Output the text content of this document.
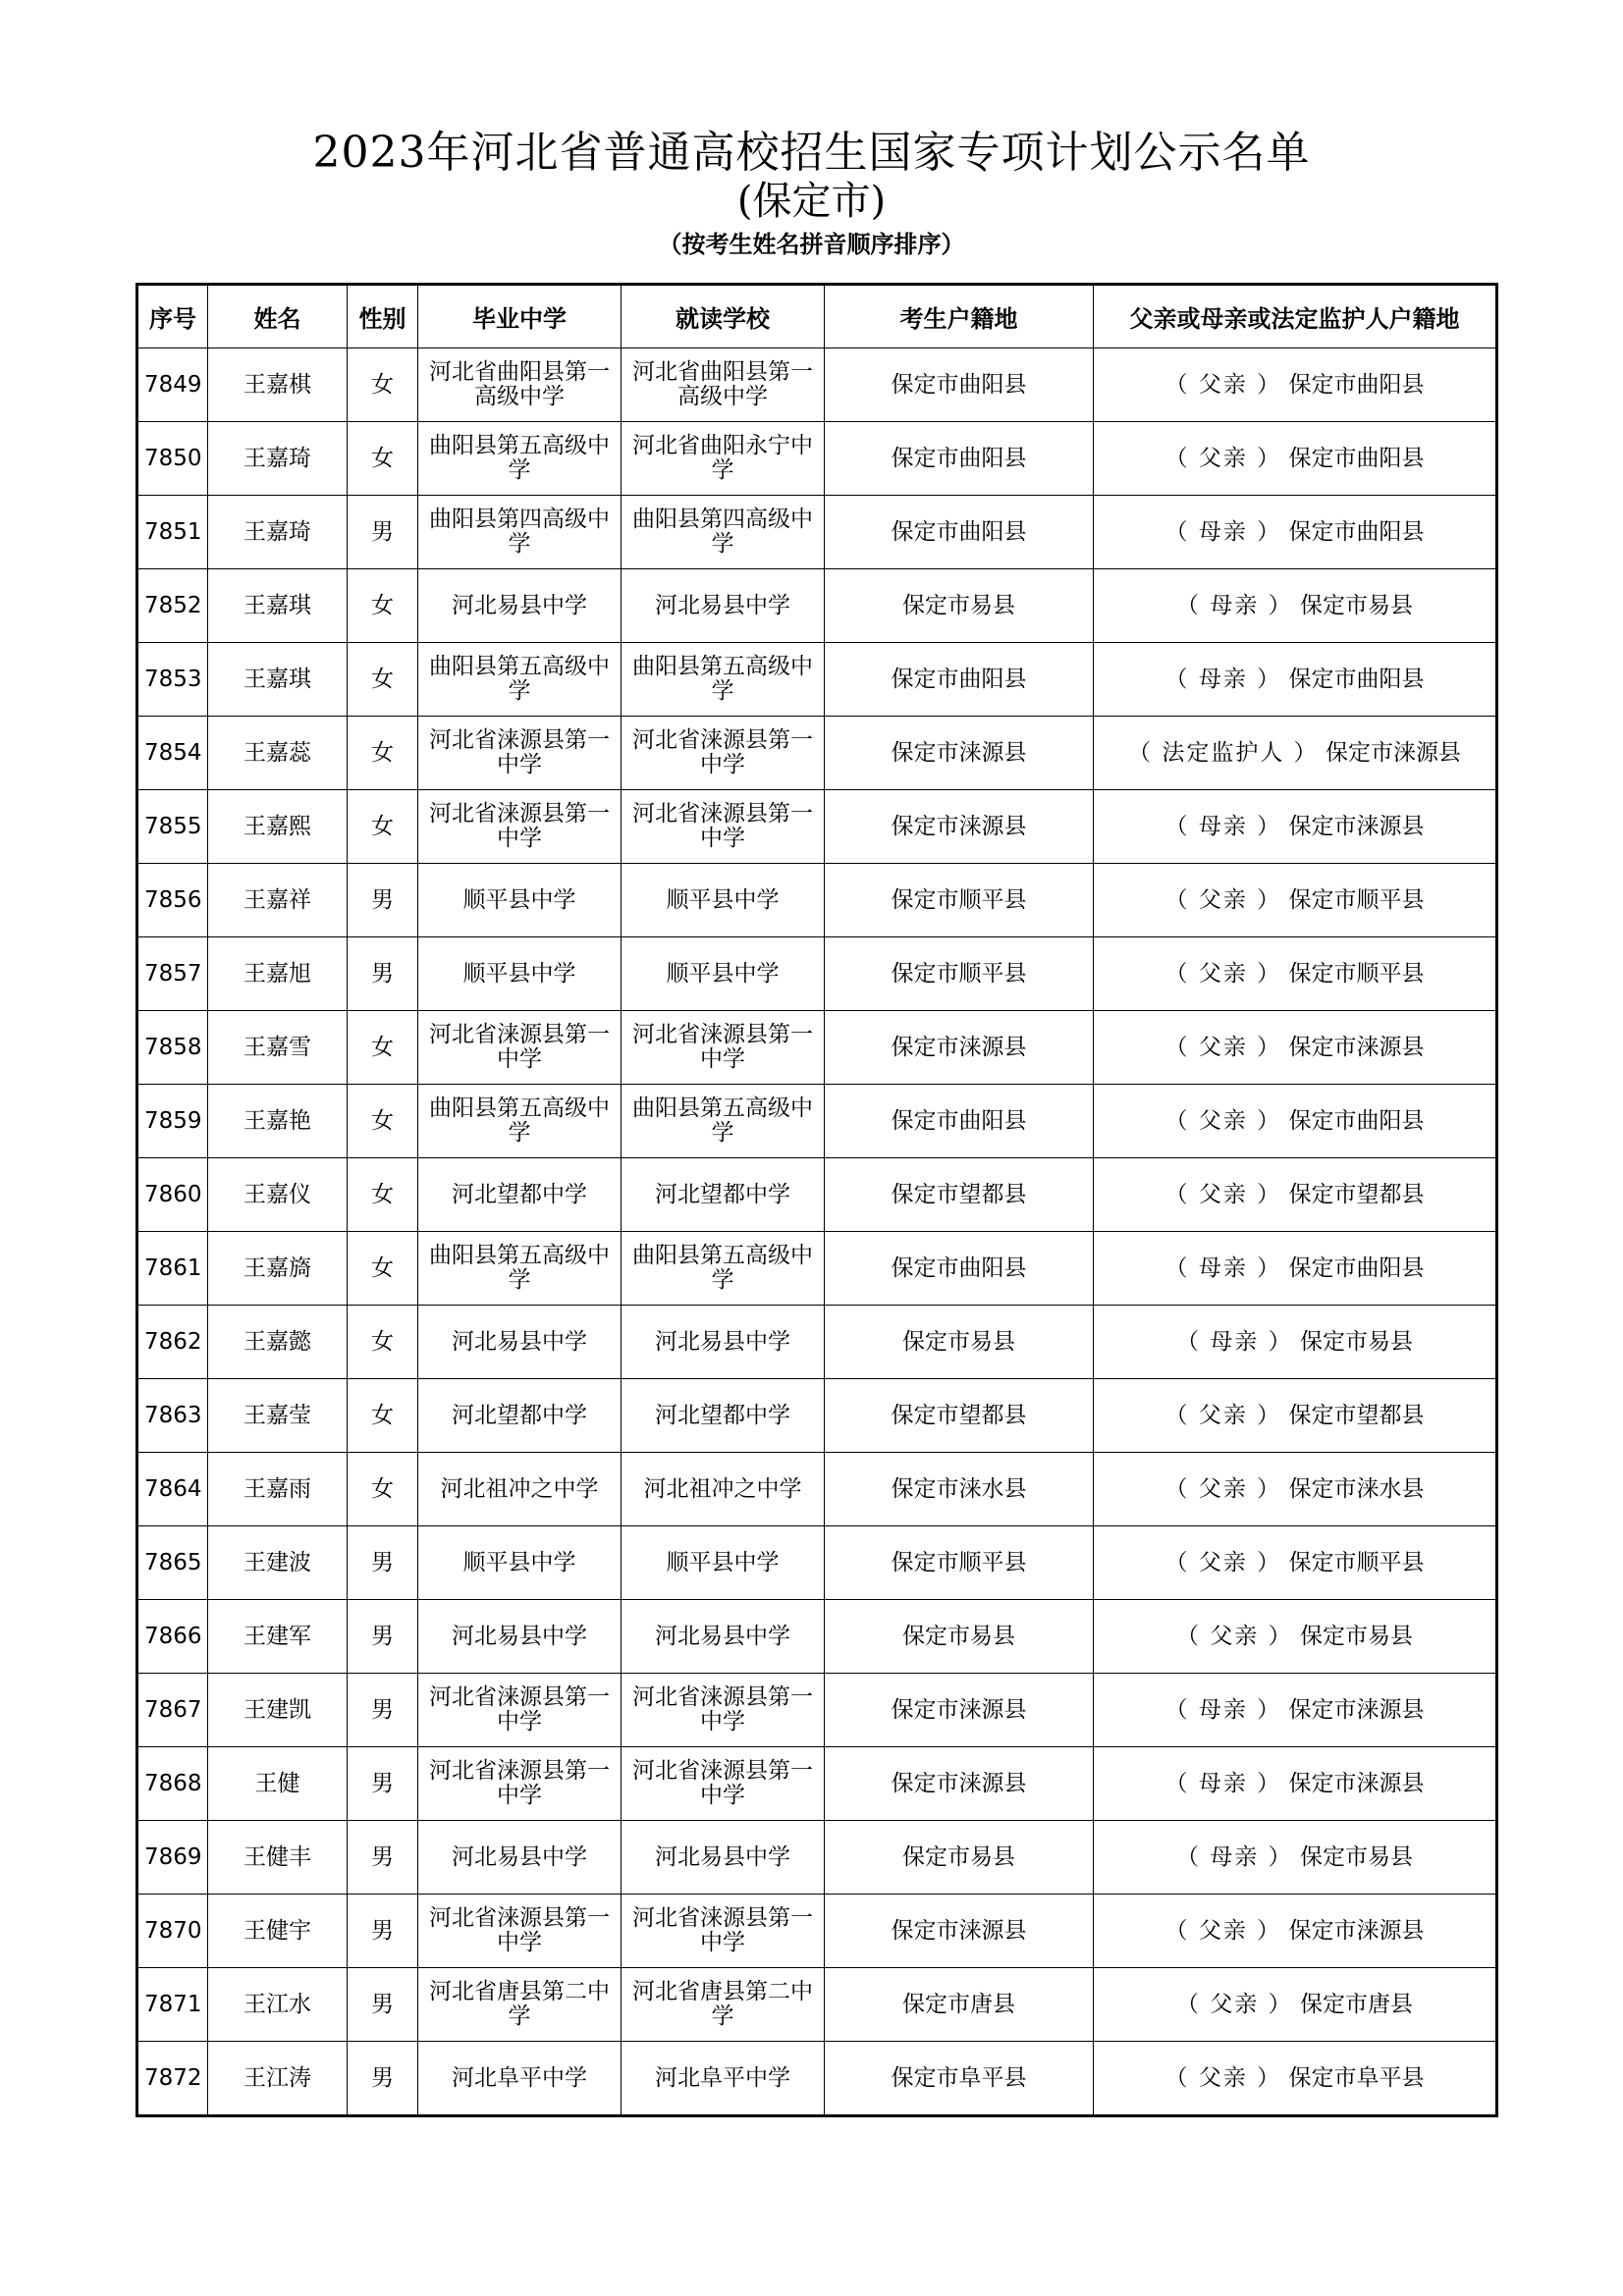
2023年河北省普通高校招生国家专项计划公示名单
(保定市)
（按考生姓名拼音顺序排序）
序号	姓名	性别	毕业中学	就读学校	考生户籍地	父亲或母亲或法定监护人户籍地
7849	王嘉棋	女	河北省曲阳县第一高级中学	河北省曲阳县第一高级中学	保定市曲阳县	（ 父亲 ） 保定市曲阳县
7850	王嘉琦	女	曲阳县第五高级中学	河北省曲阳永宁中学	保定市曲阳县	（ 父亲 ） 保定市曲阳县
7851	王嘉琦	男	曲阳县第四高级中学	曲阳县第四高级中学	保定市曲阳县	（ 母亲 ） 保定市曲阳县
7852	王嘉琪	女	河北易县中学	河北易县中学	保定市易县	（ 母亲 ） 保定市易县
7853	王嘉琪	女	曲阳县第五高级中学	曲阳县第五高级中学	保定市曲阳县	（ 母亲 ） 保定市曲阳县
7854	王嘉蕊	女	河北省涞源县第一中学	河北省涞源县第一中学	保定市涞源县	（ 法定监护人 ） 保定市涞源县
7855	王嘉熙	女	河北省涞源县第一中学	河北省涞源县第一中学	保定市涞源县	（ 母亲 ） 保定市涞源县
7856	王嘉祥	男	顺平县中学	顺平县中学	保定市顺平县	（ 父亲 ） 保定市顺平县
7857	王嘉旭	男	顺平县中学	顺平县中学	保定市顺平县	（ 父亲 ） 保定市顺平县
7858	王嘉雪	女	河北省涞源县第一中学	河北省涞源县第一中学	保定市涞源县	（ 父亲 ） 保定市涞源县
7859	王嘉艳	女	曲阳县第五高级中学	曲阳县第五高级中学	保定市曲阳县	（ 父亲 ） 保定市曲阳县
7860	王嘉仪	女	河北望都中学	河北望都中学	保定市望都县	（ 父亲 ） 保定市望都县
7861	王嘉旖	女	曲阳县第五高级中学	曲阳县第五高级中学	保定市曲阳县	（ 母亲 ） 保定市曲阳县
7862	王嘉懿	女	河北易县中学	河北易县中学	保定市易县	（ 母亲 ） 保定市易县
7863	王嘉莹	女	河北望都中学	河北望都中学	保定市望都县	（ 父亲 ） 保定市望都县
7864	王嘉雨	女	河北祖冲之中学	河北祖冲之中学	保定市涞水县	（ 父亲 ） 保定市涞水县
7865	王建波	男	顺平县中学	顺平县中学	保定市顺平县	（ 父亲 ） 保定市顺平县
7866	王建军	男	河北易县中学	河北易县中学	保定市易县	（ 父亲 ） 保定市易县
7867	王建凯	男	河北省涞源县第一中学	河北省涞源县第一中学	保定市涞源县	（ 母亲 ） 保定市涞源县
7868	王健	男	河北省涞源县第一中学	河北省涞源县第一中学	保定市涞源县	（ 母亲 ） 保定市涞源县
7869	王健丰	男	河北易县中学	河北易县中学	保定市易县	（ 母亲 ） 保定市易县
7870	王健宇	男	河北省涞源县第一中学	河北省涞源县第一中学	保定市涞源县	（ 父亲 ） 保定市涞源县
7871	王江水	男	河北省唐县第二中学	河北省唐县第二中学	保定市唐县	（ 父亲 ） 保定市唐县
7872	王江涛	男	河北阜平中学	河北阜平中学	保定市阜平县	（ 父亲 ） 保定市阜平县
